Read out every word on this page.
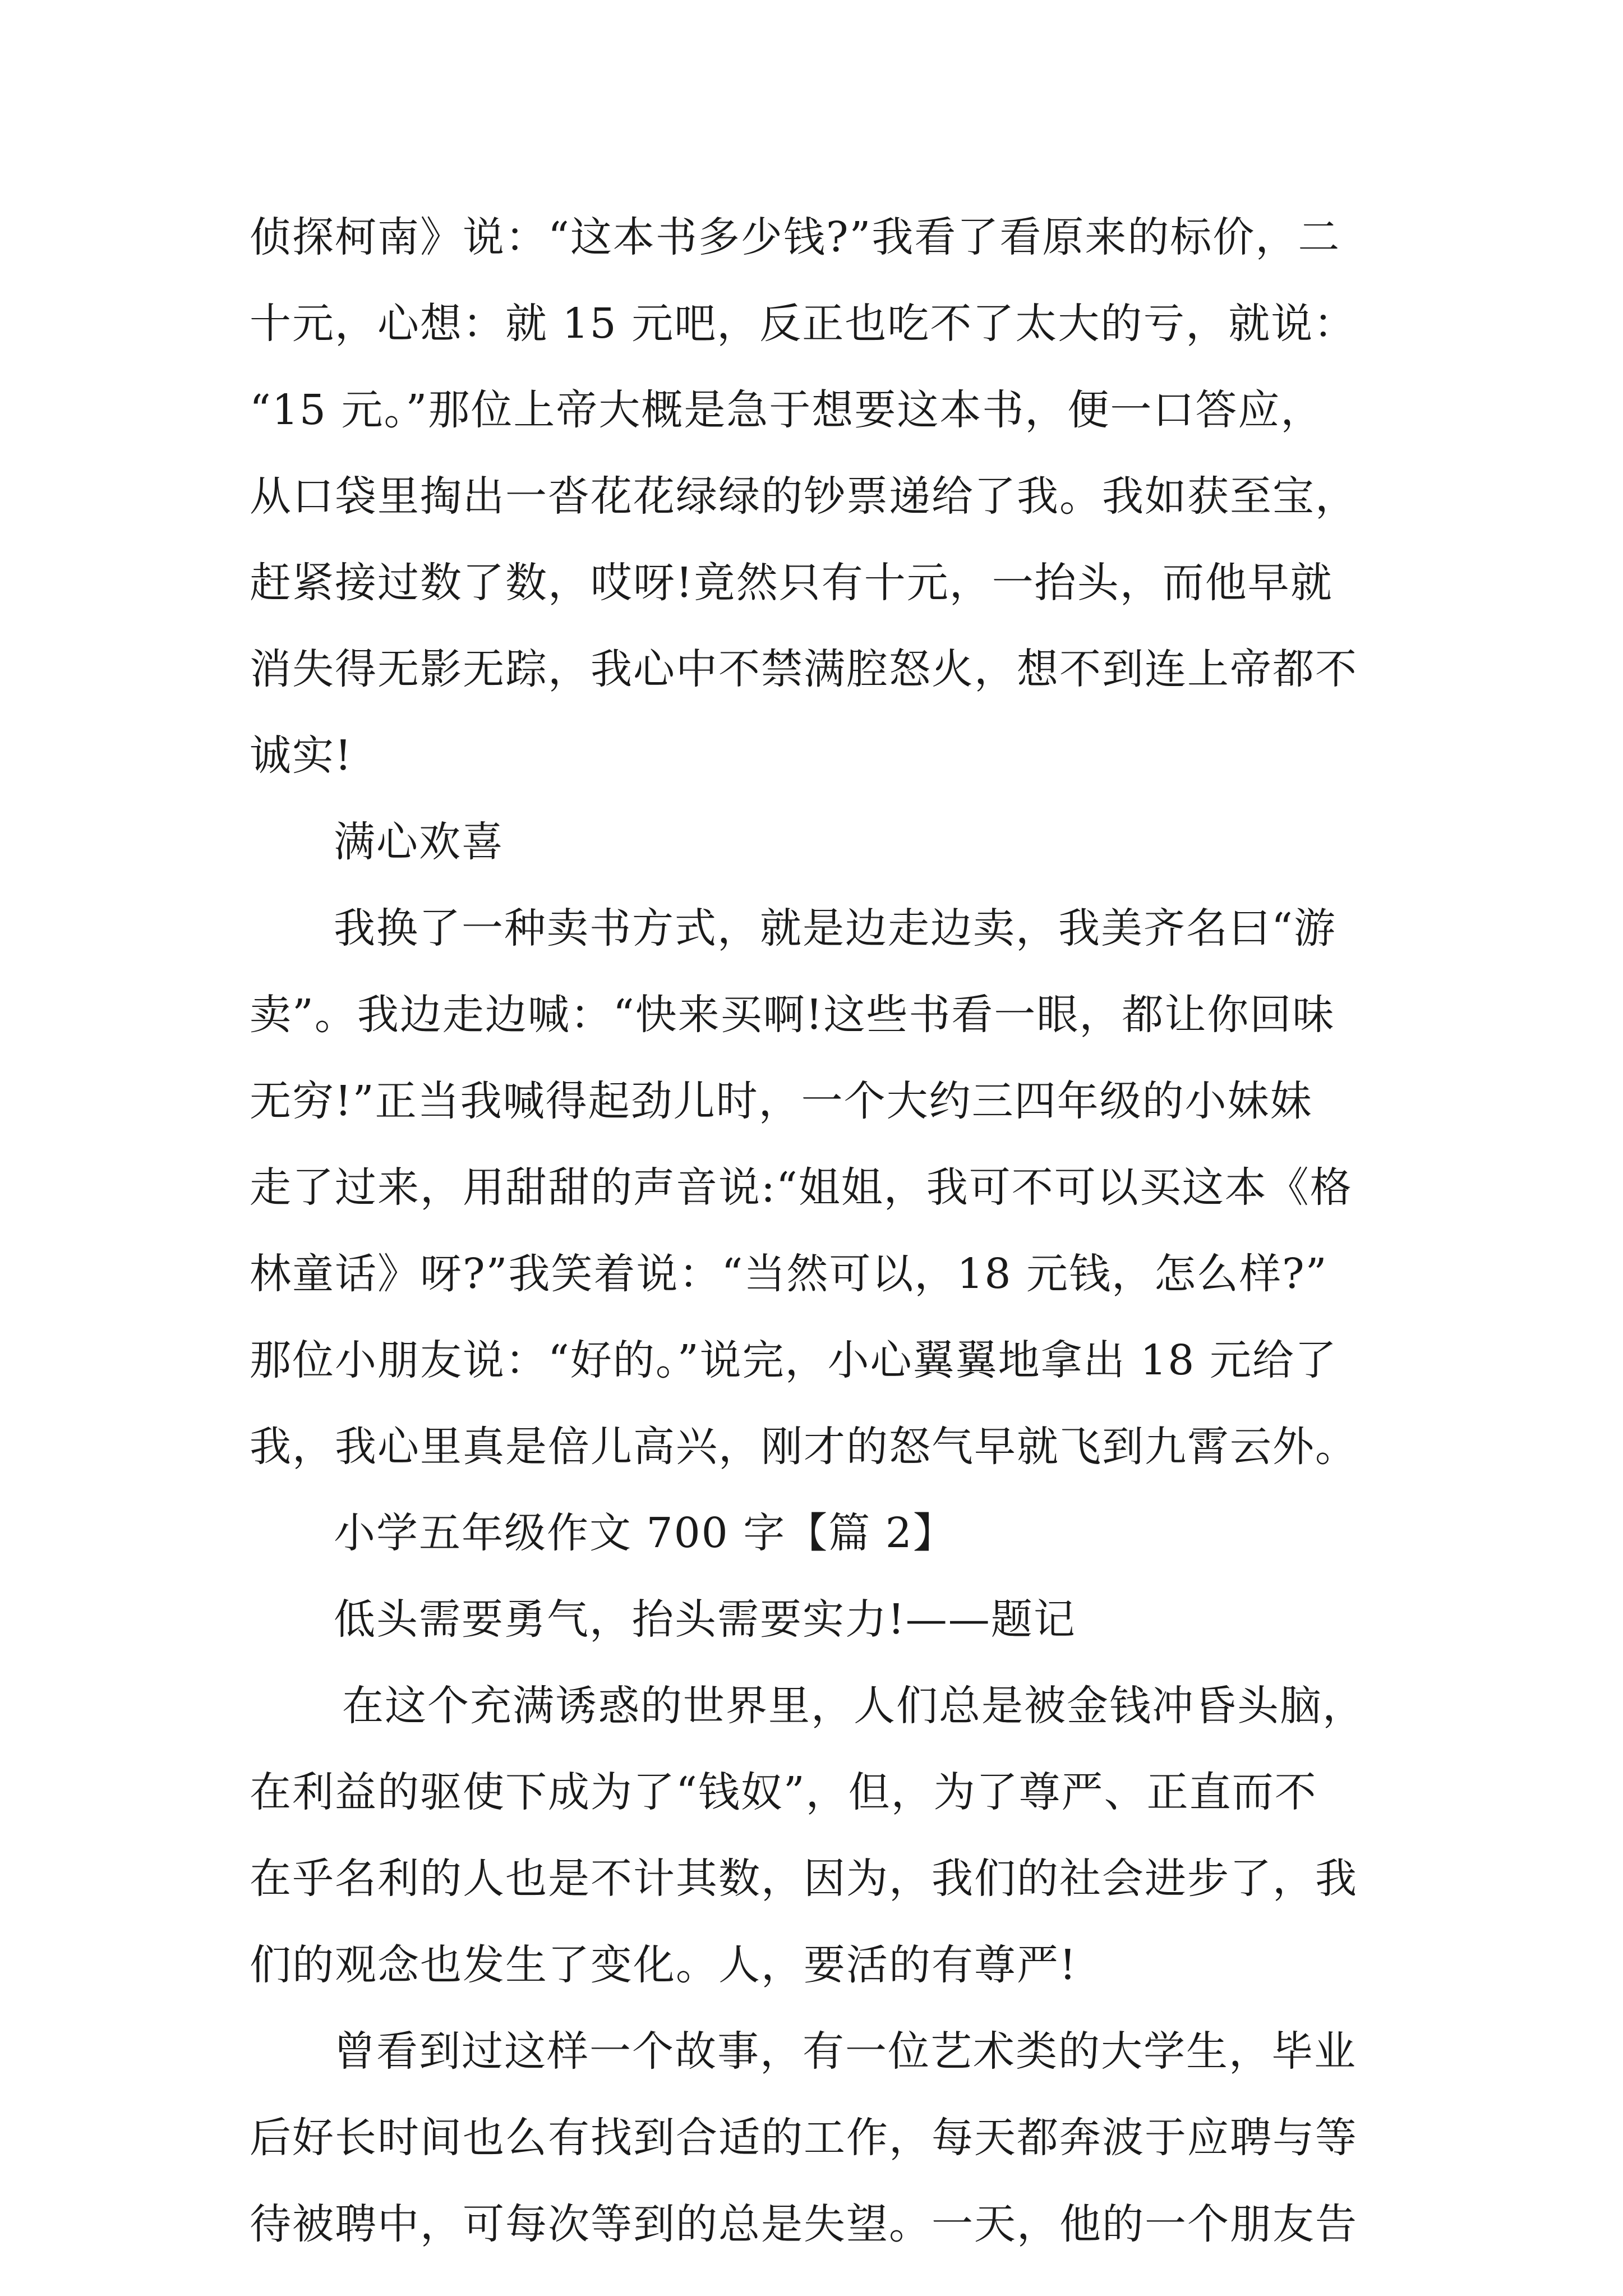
侦探柯南》说：“这本书多少钱?”我看了看原来的标价，二
十元，心想：就 15 元吧，反正也吃不了太大的亏，就说：
“15 元。”那位上帝大概是急于想要这本书，便一口答应，
从口袋里掏出一沓花花绿绿的钞票递给了我。我如获至宝，
赶紧接过数了数，哎呀!竟然只有十元，一抬头，而他早就
消失得无影无踪，我心中不禁满腔怒火，想不到连上帝都不
诚实!
满心欢喜
我换了一种卖书方式，就是边走边卖，我美齐名曰“游
卖”。我边走边喊：“快来买啊!这些书看一眼，都让你回味
无穷!”正当我喊得起劲儿时，一个大约三四年级的小妹妹
走了过来，用甜甜的声音说:“姐姐，我可不可以买这本《格
林童话》呀?”我笑着说：“当然可以，18 元钱，怎么样?”
那位小朋友说：“好的。”说完，小心翼翼地拿出 18 元给了
我，我心里真是倍儿高兴，刚才的怒气早就飞到九霄云外。
小学五年级作文 700 字【篇 2】
低头需要勇气，抬头需要实力!——题记
在这个充满诱惑的世界里，人们总是被金钱冲昏头脑，
在利益的驱使下成为了“钱奴”，但，为了尊严、正直而不
在乎名利的人也是不计其数，因为，我们的社会进步了，我
们的观念也发生了变化。人，要活的有尊严!
曾看到过这样一个故事，有一位艺术类的大学生，毕业
后好长时间也么有找到合适的工作，每天都奔波于应聘与等
待被聘中，可每次等到的总是失望。一天，他的一个朋友告
